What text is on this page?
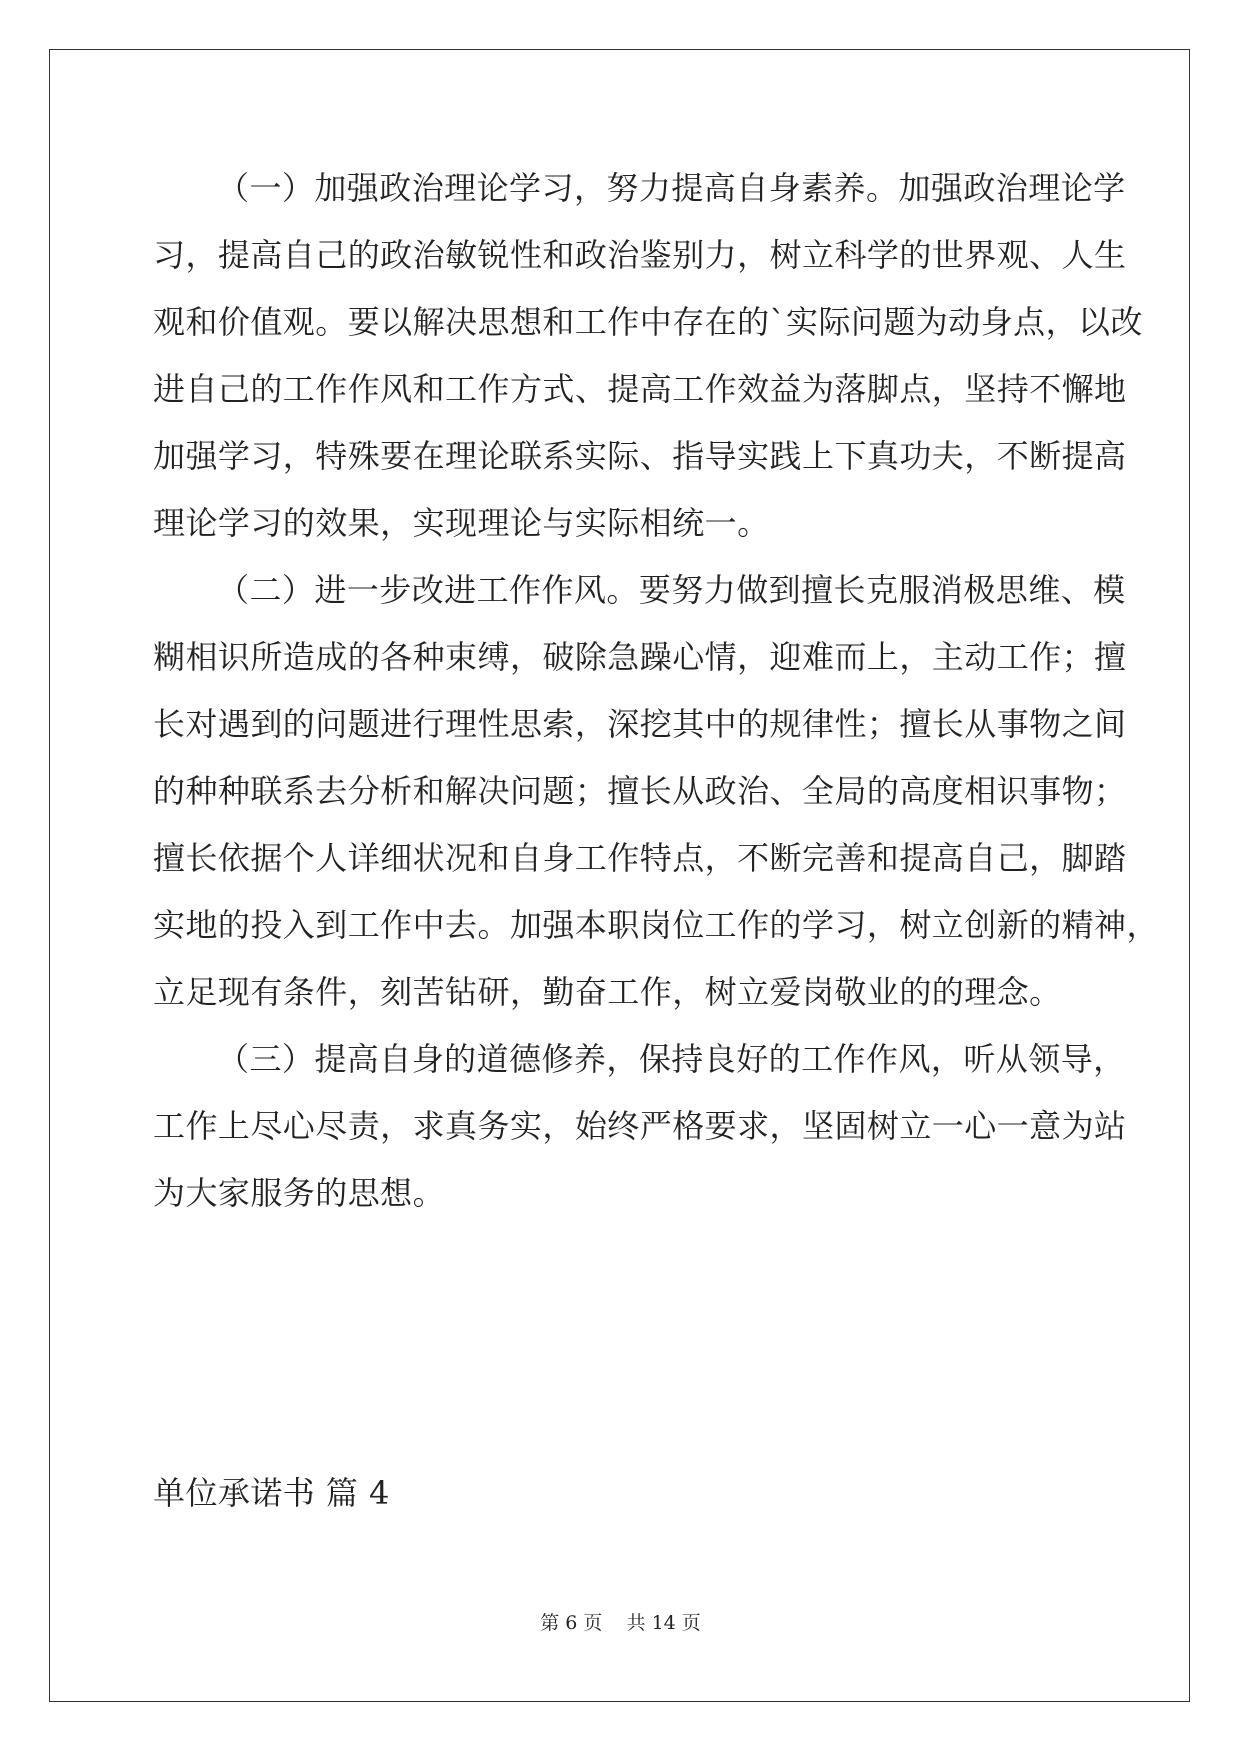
（一）加强政治理论学习，努力提高自身素养。加强政治理论学
习，提高自己的政治敏锐性和政治鉴别力，树立科学的世界观、人生
观和价值观。要以解决思想和工作中存在的`实际问题为动身点，以改
进自己的工作作风和工作方式、提高工作效益为落脚点，坚持不懈地
加强学习，特殊要在理论联系实际、指导实践上下真功夫，不断提高
理论学习的效果，实现理论与实际相统一。
（二）进一步改进工作作风。要努力做到擅长克服消极思维、模
糊相识所造成的各种束缚，破除急躁心情，迎难而上，主动工作；擅
长对遇到的问题进行理性思索，深挖其中的规律性；擅长从事物之间
的种种联系去分析和解决问题；擅长从政治、全局的高度相识事物；
擅长依据个人详细状况和自身工作特点，不断完善和提高自己，脚踏
实地的投入到工作中去。加强本职岗位工作的学习，树立创新的精神，
立足现有条件，刻苦钻研，勤奋工作，树立爱岗敬业的的理念。
（三）提高自身的道德修养，保持良好的工作作风，听从领导，
工作上尽心尽责，求真务实，始终严格要求，坚固树立一心一意为站
为大家服务的思想。
单位承诺书 篇 4
第 6 页    共 14 页
